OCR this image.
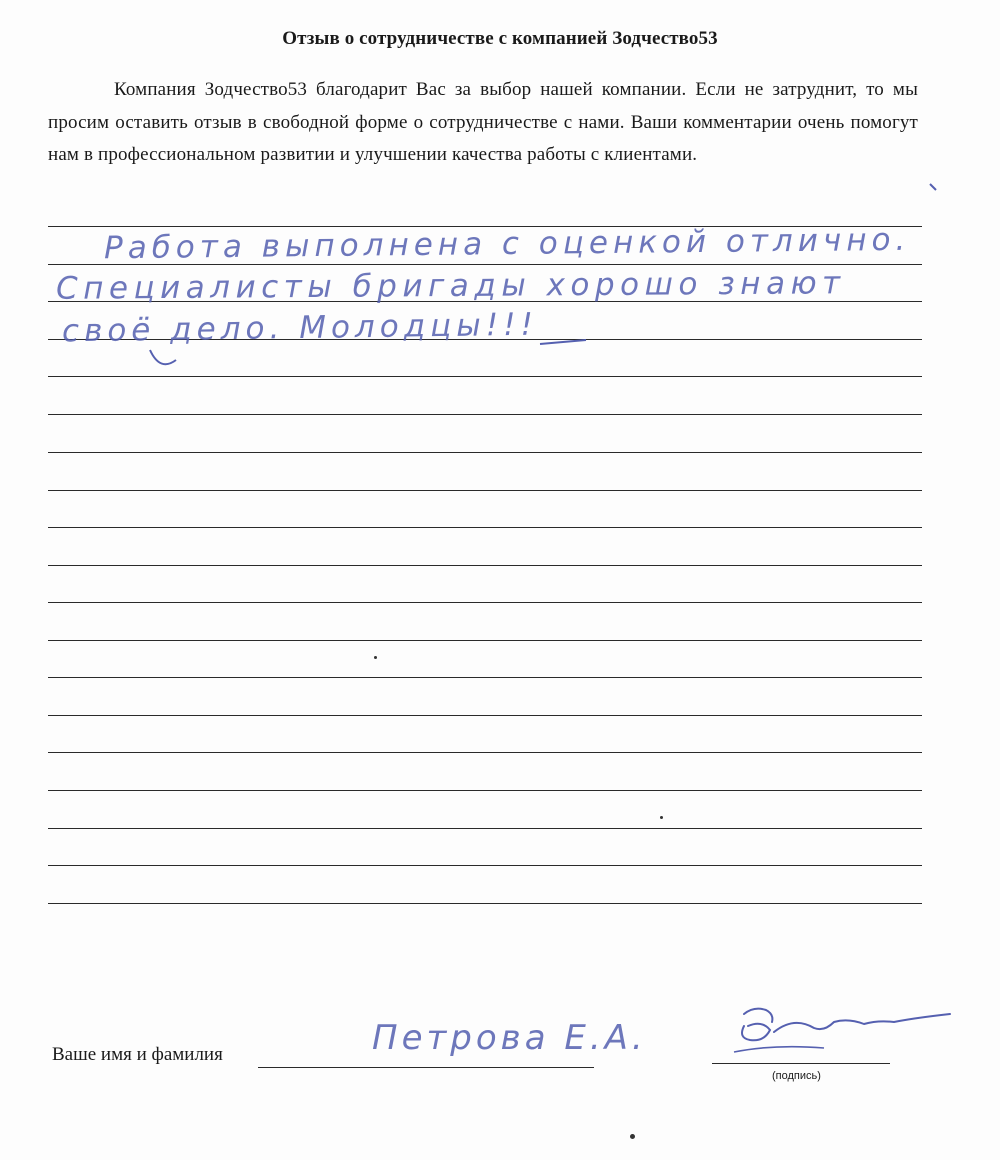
Отзыв о сотрудничестве с компанией Зодчество53
Компания Зодчество53 благодарит Вас за выбор нашей компании. Если не затруднит, то мы просим оставить отзыв в свободной форме о сотрудничестве с нами. Ваши комментарии очень помогут нам в профессиональном развитии и улучшении качества работы с клиентами.
Работа выполнена с оценкой отлично.
Специалисты бригады хорошо знают
своё дело. Молодцы!!!
Ваше имя и фамилия	Петрова Е.А.
(подпись)
